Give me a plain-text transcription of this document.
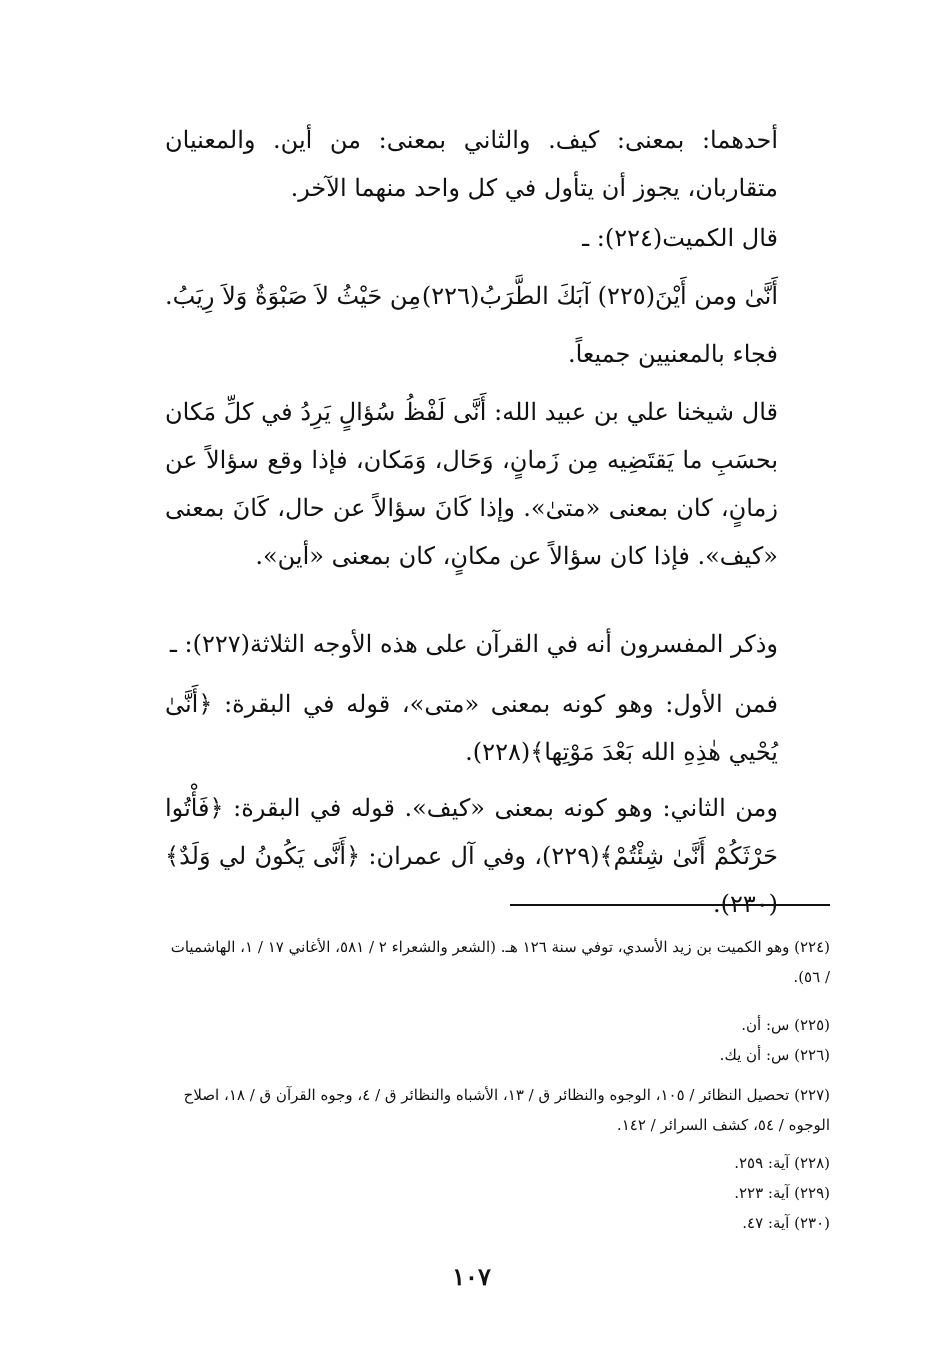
أحدهما: بمعنى: كيف. والثاني بمعنى: من أين. والمعنيان متقاربان، يجوز أن يتأول في كل واحد منهما الآخر.

قال الكميت(٢٢٤): ـ

أَنَّىٰ ومن أَيْنَ(٢٢٥) آبَكَ الطَّرَبُ(٢٢٦)
مِن حَيْثُ لاَ صَبْوَةٌ وَلاَ رِيَبُ.

فجاء بالمعنيين جميعاً.

قال شيخنا علي بن عبيد الله: أَنَّى لَفْظُ سُؤالٍ يَرِدُ في كلِّ مَكان بحسَبِ ما يَقتَضِيه مِن زَمانٍ، وَحَال، وَمَكان، فإذا وقع سؤالاً عن زمانٍ، كان بمعنى «متىٰ». وإذا كَانَ سؤالاً عن حال، كَانَ بمعنى «كيف». فإذا كان سؤالاً عن مكانٍ، كان بمعنى «أين».

وذكر المفسرون أنه في القرآن على هذه الأوجه الثلاثة(٢٢٧): ـ

فمن الأول: وهو كونه بمعنى «متى»، قوله في البقرة: ﴿أَنَّىٰ يُحْيي هٰذِهِ الله بَعْدَ مَوْتِها﴾(٢٢٨).

ومن الثاني: وهو كونه بمعنى «كيف». قوله في البقرة: ﴿فَأْتُوا حَرْثَكُمْ أَنَّىٰ شِئْتُمْ﴾(٢٢٩)، وفي آل عمران: ﴿أَنَّى يَكُونُ لي وَلَدٌ﴾(٢٣٠).

(٢٢٤) وهو الكميت بن زيد الأسدي، توفي سنة ١٢٦ هـ. (الشعر والشعراء ٢ / ٥٨١، الأغاني ١٧ / ١، الهاشميات / ٥٦).

(٢٢٥) س: أن.

(٢٢٦) س: أن يك.

(٢٢٧) تحصيل النظائر / ١٠٥، الوجوه والنظائر ق / ١٣، الأشباه والنظائر ق / ٤، وجوه القرآن ق / ١٨، اصلاح الوجوه / ٥٤، كشف السرائر / ١٤٢.

(٢٢٨) آية: ٢٥٩.

(٢٢٩) آية: ٢٢٣.

(٢٣٠) آية: ٤٧.

١٠٧
